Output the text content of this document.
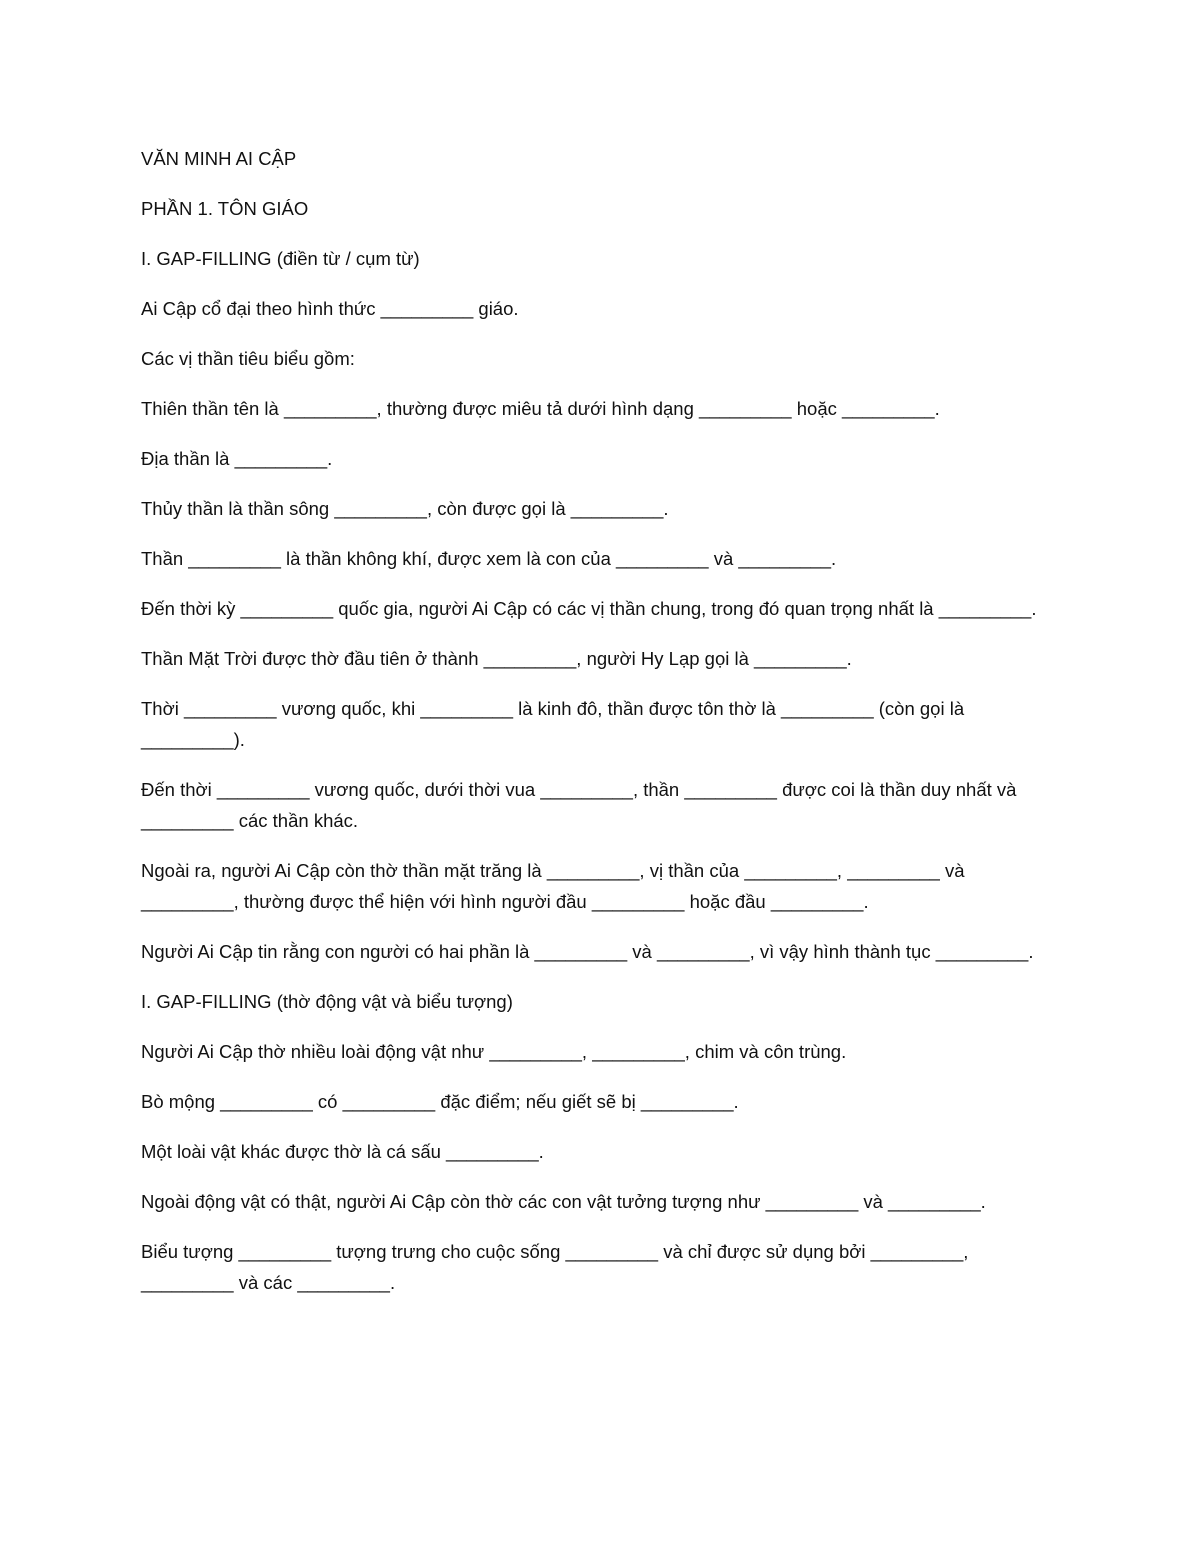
VĂN MINH AI CẬP

PHẦN 1. TÔN GIÁO

I. GAP-FILLING (điền từ / cụm từ)

Ai Cập cổ đại theo hình thức _________ giáo.

Các vị thần tiêu biểu gồm:

Thiên thần tên là _________, thường được miêu tả dưới hình dạng _________ hoặc _________.

Địa thần là _________.

Thủy thần là thần sông _________, còn được gọi là _________.

Thần _________ là thần không khí, được xem là con của _________ và _________.

Đến thời kỳ _________ quốc gia, người Ai Cập có các vị thần chung, trong đó quan trọng nhất là _________.

Thần Mặt Trời được thờ đầu tiên ở thành _________, người Hy Lạp gọi là _________.

Thời _________ vương quốc, khi _________ là kinh đô, thần được tôn thờ là _________ (còn gọi là _________).

Đến thời _________ vương quốc, dưới thời vua _________, thần _________ được coi là thần duy nhất và _________ các thần khác.

Ngoài ra, người Ai Cập còn thờ thần mặt trăng là _________, vị thần của _________, _________ và _________, thường được thể hiện với hình người đầu _________ hoặc đầu _________.

Người Ai Cập tin rằng con người có hai phần là _________ và _________, vì vậy hình thành tục _________.

I. GAP-FILLING (thờ động vật và biểu tượng)

Người Ai Cập thờ nhiều loài động vật như _________, _________, chim và côn trùng.

Bò mộng _________ có _________ đặc điểm; nếu giết sẽ bị _________.

Một loài vật khác được thờ là cá sấu _________.

Ngoài động vật có thật, người Ai Cập còn thờ các con vật tưởng tượng như _________ và _________.

Biểu tượng _________ tượng trưng cho cuộc sống _________ và chỉ được sử dụng bởi _________, _________ và các _________.
